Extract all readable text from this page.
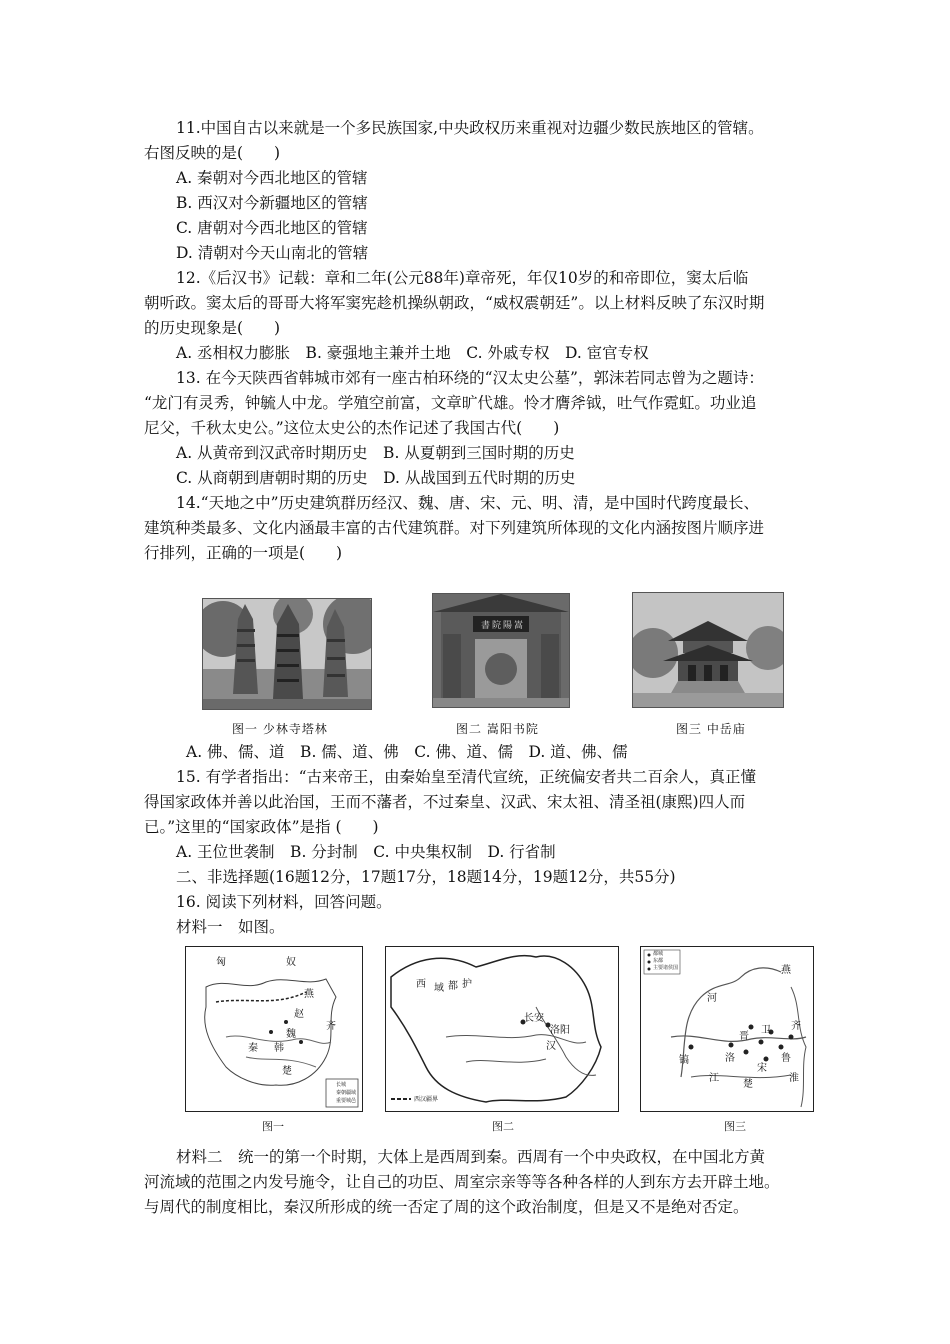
11.中国自古以来就是一个多民族国家,中央政权历来重视对边疆少数民族地区的管辖。
右图反映的是(　　)
A. 秦朝对今西北地区的管辖
B. 西汉对今新疆地区的管辖
C. 唐朝对今西北地区的管辖
D. 清朝对今天山南北的管辖
12.《后汉书》记载：章和二年(公元88年)章帝死，年仅10岁的和帝即位，窦太后临
朝听政。窦太后的哥哥大将军窦宪趁机操纵朝政，“威权震朝廷”。以上材料反映了东汉时期
的历史现象是(　　)
A. 丞相权力膨胀　B. 豪强地主兼并土地　C. 外戚专权　D. 宦官专权
13. 在今天陕西省韩城市郊有一座古柏环绕的“汉太史公墓”，郭沫若同志曾为之题诗：
“龙门有灵秀，钟毓人中龙。学殖空前富，文章旷代雄。怜才膺斧钺，吐气作霓虹。功业追
尼父，千秋太史公。”这位太史公的杰作记述了我国古代(　　)
A. 从黄帝到汉武帝时期历史　B. 从夏朝到三国时期的历史
C. 从商朝到唐朝时期的历史　D. 从战国到五代时期的历史
14.“天地之中”历史建筑群历经汉、魏、唐、宋、元、明、清，是中国时代跨度最长、
建筑种类最多、文化内涵最丰富的古代建筑群。对下列建筑所体现的文化内涵按图片顺序进
行排列，正确的一项是(　　)
图一 少林寺塔林
書院陽嵩
图二 嵩阳书院	图三 中岳庙
A. 佛、儒、道　B. 儒、道、佛　C. 佛、道、儒　D. 道、佛、儒
15. 有学者指出：“古来帝王，由秦始皇至清代宣统，正统偏安者共二百余人，真正懂
得国家政体并善以此治国，王而不藩者，不过秦皇、汉武、宋太祖、清圣祖(康熙)四人而
已。”这里的“国家政体”是指 (　　)
A. 王位世袭制　B. 分封制　C. 中央集权制　D. 行省制
二、非选择题(16题12分，17题17分，18题14分，19题12分，共55分)
16. 阅读下列材料，回答问题。
材料一　如图。
匈	奴
燕
赵
魏
韩
秦
楚
齐
长城
秦朝疆域
重要城邑
图一
西 域 都 护
长安
洛阳
汉
西汉疆界
图二
都城
东都
主要诸侯国	燕
河
齐
鲁
宋
晋
卫
镐	洛
楚
江	淮
图三
材料二　统一的第一个时期，大体上是西周到秦。西周有一个中央政权，在中国北方黄
河流域的范围之内发号施令，让自己的功臣、周室宗亲等等各种各样的人到东方去开辟土地。
与周代的制度相比，秦汉所形成的统一否定了周的这个政治制度，但是又不是绝对否定。
